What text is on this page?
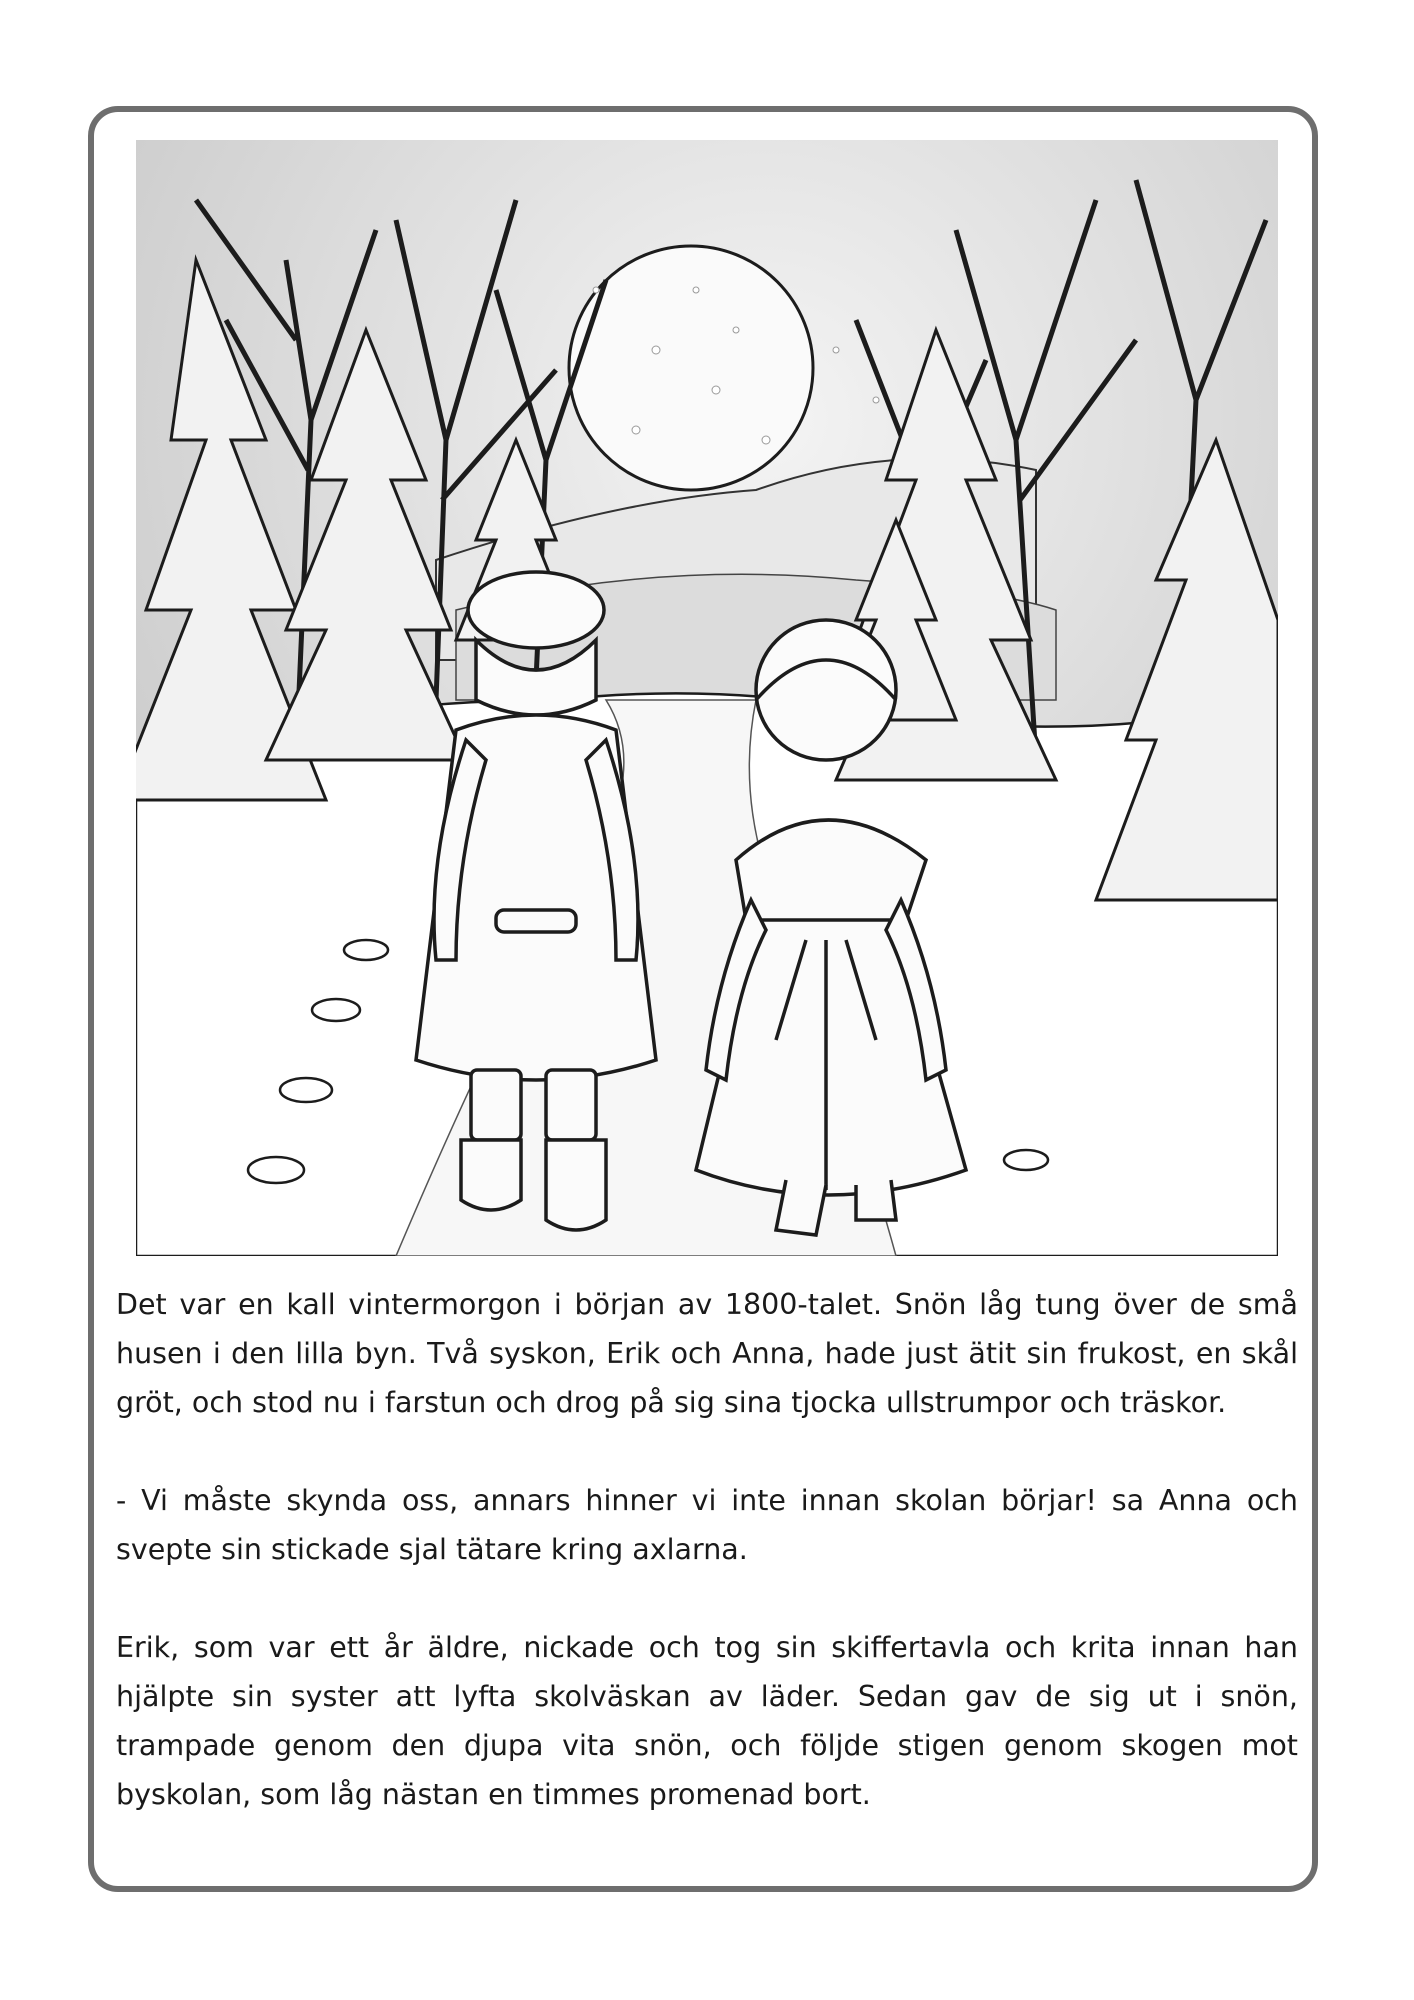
Det var en kall vintermorgon i början av 1800-talet. Snön låg tung över de små husen i den lilla byn. Två syskon, Erik och Anna, hade just ätit sin frukost, en skål gröt, och stod nu i farstun och drog på sig sina tjocka ullstrumpor och träskor.

- Vi måste skynda oss, annars hinner vi inte innan skolan börjar! sa Anna och svepte sin stickade sjal tätare kring axlarna.

Erik, som var ett år äldre, nickade och tog sin skiffertavla och krita innan han hjälpte sin syster att lyfta skolväskan av läder. Sedan gav de sig ut i snön, trampade genom den djupa vita snön, och följde stigen genom skogen mot byskolan, som låg nästan en timmes promenad bort.
